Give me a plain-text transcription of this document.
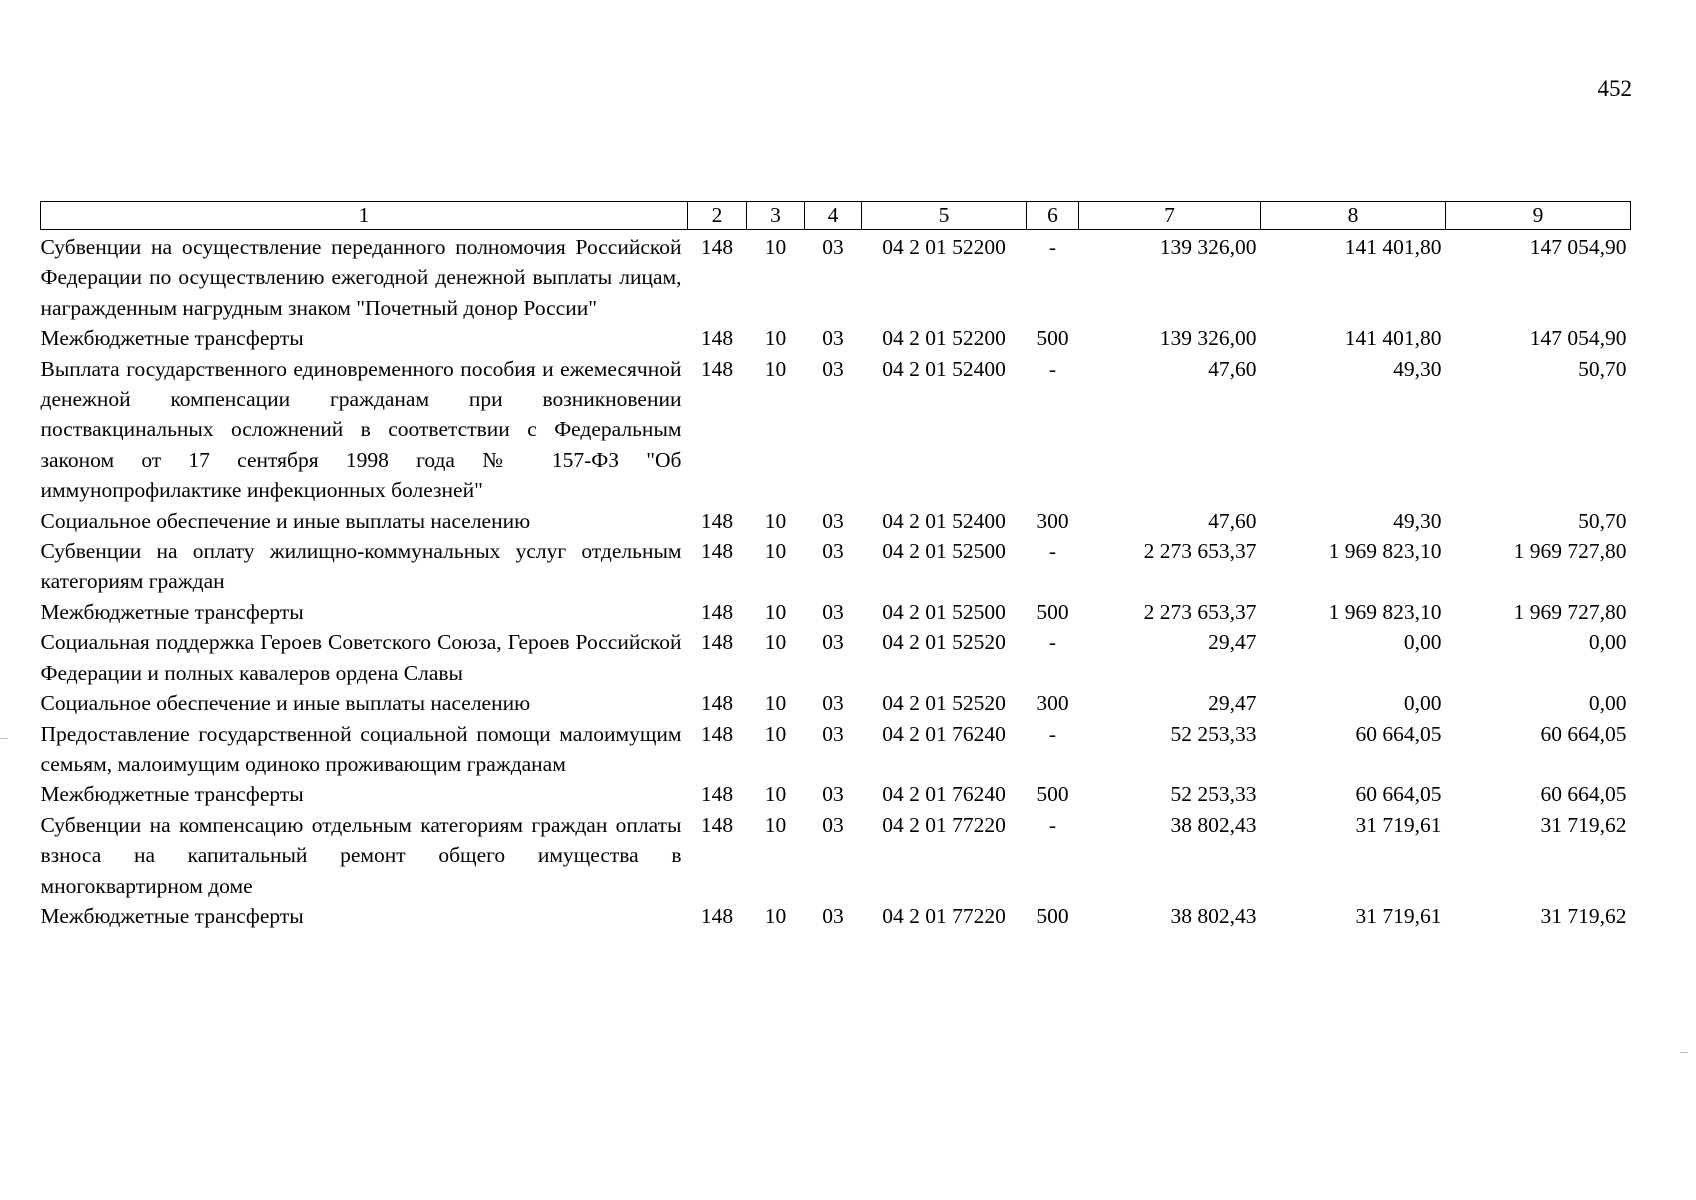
452
1	2	3	4	5	6	7	8	9
Субвенции на осуществление переданного полномочия Российской Федерации по осуществлению ежегодной денежной выплаты лицам, награжденным нагрудным знаком "Почетный донор России"	148	10	03	04 2 01 52200	-	139 326,00	141 401,80	147 054,90
Межбюджетные трансферты	148	10	03	04 2 01 52200	500	139 326,00	141 401,80	147 054,90
Выплата государственного единовременного пособия и ежемесячной денежной компенсации гражданам при возникновении поствакцинальных осложнений в соответствии с Федеральным законом от 17 сентября 1998 года № 157-ФЗ "Об иммунопрофилактике инфекционных болезней"	148	10	03	04 2 01 52400	-	47,60	49,30	50,70
Социальное обеспечение и иные выплаты населению	148	10	03	04 2 01 52400	300	47,60	49,30	50,70
Субвенции на оплату жилищно-коммунальных услуг отдельным категориям граждан	148	10	03	04 2 01 52500	-	2 273 653,37	1 969 823,10	1 969 727,80
Межбюджетные трансферты	148	10	03	04 2 01 52500	500	2 273 653,37	1 969 823,10	1 969 727,80
Социальная поддержка Героев Советского Союза, Героев Российской Федерации и полных кавалеров ордена Славы	148	10	03	04 2 01 52520	-	29,47	0,00	0,00
Социальное обеспечение и иные выплаты населению	148	10	03	04 2 01 52520	300	29,47	0,00	0,00
Предоставление государственной социальной помощи малоимущим семьям, малоимущим одиноко проживающим гражданам	148	10	03	04 2 01 76240	-	52 253,33	60 664,05	60 664,05
Межбюджетные трансферты	148	10	03	04 2 01 76240	500	52 253,33	60 664,05	60 664,05
Субвенции на компенсацию отдельным категориям граждан оплаты взноса на капитальный ремонт общего имущества в многоквартирном доме	148	10	03	04 2 01 77220	-	38 802,43	31 719,61	31 719,62
Межбюджетные трансферты	148	10	03	04 2 01 77220	500	38 802,43	31 719,61	31 719,62
